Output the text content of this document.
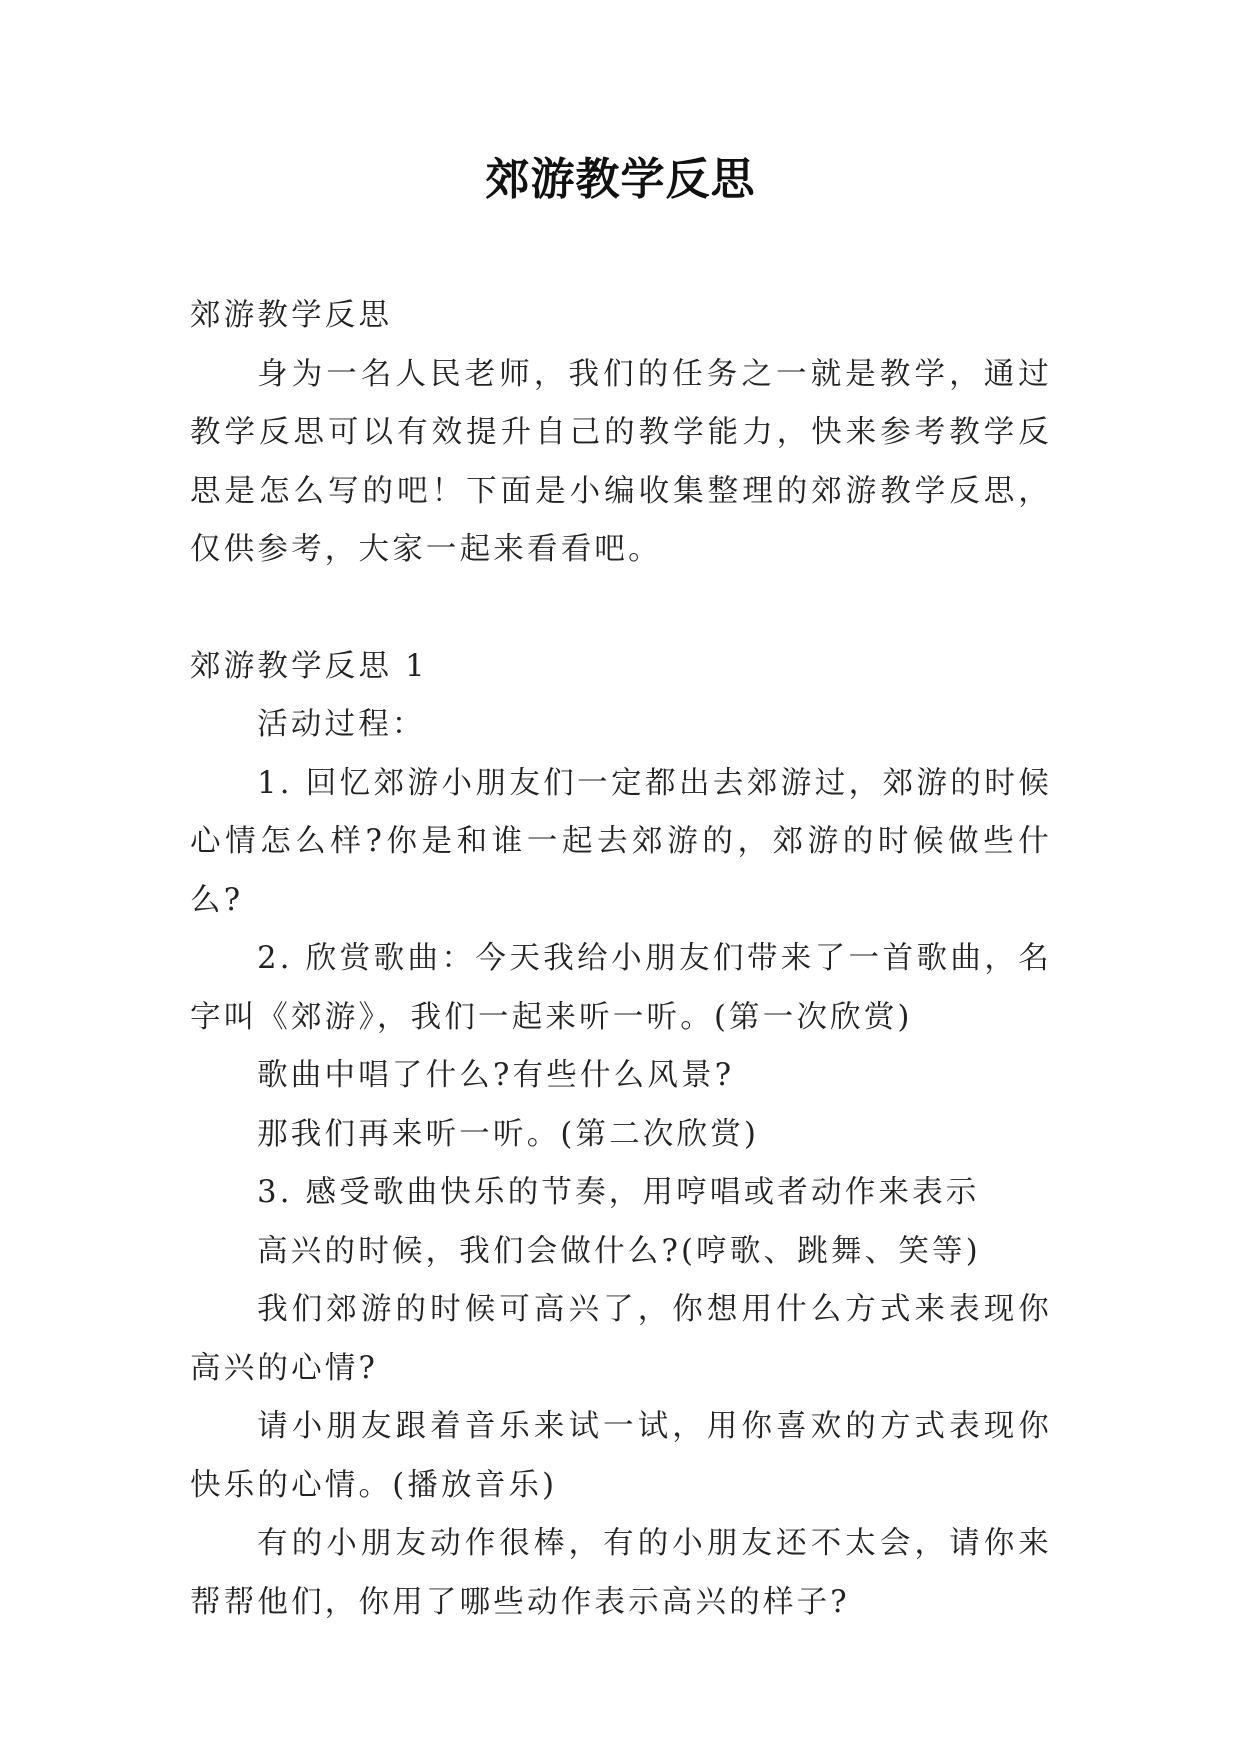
郊游教学反思

郊游教学反思

身为一名人民老师，我们的任务之一就是教学，通过教学反思可以有效提升自己的教学能力，快来参考教学反思是怎么写的吧！下面是小编收集整理的郊游教学反思，仅供参考，大家一起来看看吧。

郊游教学反思 1

活动过程：

1. 回忆郊游小朋友们一定都出去郊游过，郊游的时候心情怎么样?你是和谁一起去郊游的，郊游的时候做些什么?

2. 欣赏歌曲：今天我给小朋友们带来了一首歌曲，名字叫《郊游》，我们一起来听一听。(第一次欣赏)

歌曲中唱了什么?有些什么风景?

那我们再来听一听。(第二次欣赏)

3. 感受歌曲快乐的节奏，用哼唱或者动作来表示

高兴的时候，我们会做什么?(哼歌、跳舞、笑等)

我们郊游的时候可高兴了，你想用什么方式来表现你高兴的心情?

请小朋友跟着音乐来试一试，用你喜欢的方式表现你快乐的心情。(播放音乐)

有的小朋友动作很棒，有的小朋友还不太会，请你来帮帮他们，你用了哪些动作表示高兴的样子?
